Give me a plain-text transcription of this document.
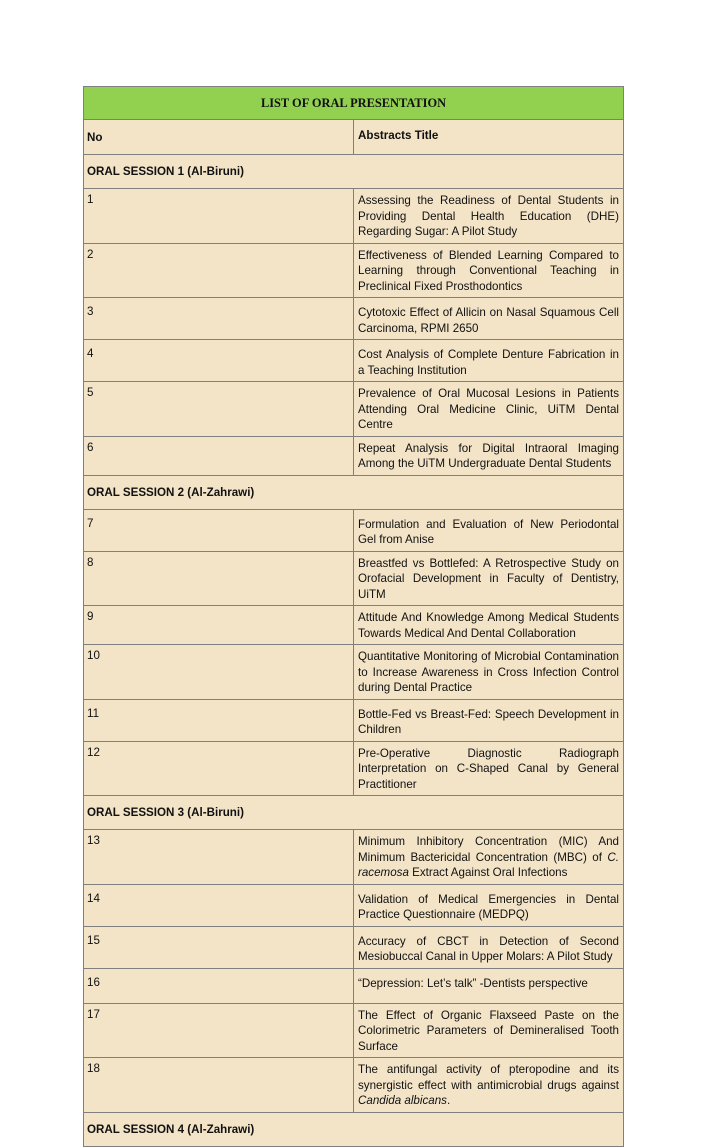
LIST OF ORAL PRESENTATION	
No	Abstracts Title
ORAL SESSION 1 (Al-Biruni)	
1	Assessing the Readiness of Dental Students in Providing Dental Health Education (DHE) Regarding Sugar: A Pilot Study
2	Effectiveness of Blended Learning Compared to Learning through Conventional Teaching in Preclinical Fixed Prosthodontics
3	Cytotoxic Effect of Allicin on Nasal Squamous Cell Carcinoma, RPMI 2650
4	Cost Analysis of Complete Denture Fabrication in a Teaching Institution
5	Prevalence of Oral Mucosal Lesions in Patients Attending Oral Medicine Clinic, UiTM Dental Centre
6	Repeat Analysis for Digital Intraoral Imaging Among the UiTM Undergraduate Dental Students
ORAL SESSION 2 (Al-Zahrawi)	
7	Formulation and Evaluation of New Periodontal Gel from Anise
8	Breastfed vs Bottlefed: A Retrospective Study on Orofacial Development in Faculty of Dentistry, UiTM
9	Attitude And Knowledge Among Medical Students Towards Medical And Dental Collaboration
10	Quantitative Monitoring of Microbial Contamination to Increase Awareness in Cross Infection Control during Dental Practice
11	Bottle-Fed vs Breast-Fed: Speech Development in Children
12	Pre-Operative Diagnostic Radiograph Interpretation on C-Shaped Canal by General Practitioner
ORAL SESSION 3 (Al-Biruni)	
13	Minimum Inhibitory Concentration (MIC) And Minimum Bactericidal Concentration (MBC) of C. racemosa Extract Against Oral Infections
14	Validation of Medical Emergencies in Dental Practice Questionnaire (MEDPQ)
15	Accuracy of CBCT in Detection of Second Mesiobuccal Canal in Upper Molars: A Pilot Study
16	“Depression: Let’s talk” -Dentists perspective
17	The Effect of Organic Flaxseed Paste on the Colorimetric Parameters of Demineralised Tooth Surface
18	The antifungal activity of pteropodine and its synergistic effect with antimicrobial drugs against Candida albicans.
ORAL SESSION 4 (Al-Zahrawi)	
